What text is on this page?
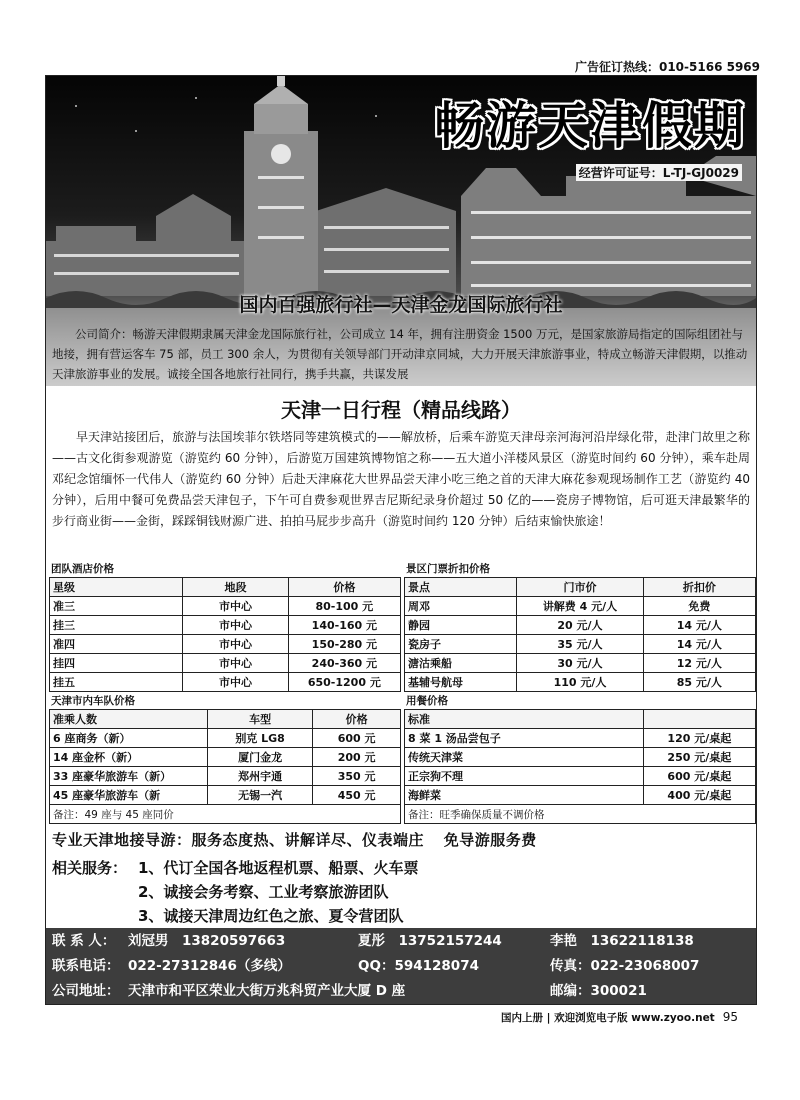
广告征订热线：010-5166 5969
畅游天津假期
经营许可证号：L-TJ-GJ0029
国内百强旅行社—天津金龙国际旅行社

公司简介：畅游天津假期隶属天津金龙国际旅行社，公司成立 14 年，拥有注册资金 1500 万元，是国家旅游局指定的国际组团社与地接，拥有营运客车 75 部，员工 300 余人，为贯彻有关领导部门开动津京同城，大力开展天津旅游事业，特成立畅游天津假期，以推动天津旅游事业的发展。诚接全国各地旅行社同行，携手共赢，共谋发展

天津一日行程（精品线路）

早天津站接团后，旅游与法国埃菲尔铁塔同等建筑模式的——解放桥，后乘车游览天津母亲河海河沿岸绿化带，赴津门故里之称——古文化街参观游览（游览约 60 分钟），后游览万国建筑博物馆之称——五大道小洋楼风景区（游览时间约 60 分钟），乘车赴周邓纪念馆缅怀一代伟人（游览约 60 分钟）后赴天津麻花大世界品尝天津小吃三绝之首的天津大麻花参观现场制作工艺（游览约 40 分钟），后用中餐可免费品尝天津包子，下午可自费参观世界吉尼斯纪录身价超过 50 亿的——瓷房子博物馆，后可逛天津最繁华的步行商业街——金街，踩踩铜钱财源广进、拍拍马屁步步高升（游览时间约 120 分钟）后结束愉快旅途！

团队酒店价格
星级	地段	价格
准三	市中心	80-100 元
挂三	市中心	140-160 元
准四	市中心	150-280 元
挂四	市中心	240-360 元
挂五	市中心	650-1200 元
景区门票折扣价格
景点	门市价	折扣价
周邓	讲解费 4 元/人	免费
静园	20 元/人	14 元/人
瓷房子	35 元/人	14 元/人
溏沽乘船	30 元/人	12 元/人
基辅号航母	110 元/人	85 元/人
天津市内车队价格
准乘人数	车型	价格
6 座商务（新）	别克 LG8	600 元
14 座金杯（新）	厦门金龙	200 元
33 座豪华旅游车（新）	郑州宇通	350 元
45 座豪华旅游车（新	无锡一汽	450 元
备注：49 座与 45 座同价		
用餐价格
标准	
8 菜 1 汤品尝包子	120 元/桌起
传统天津菜	250 元/桌起
正宗狗不理	600 元/桌起
海鲜菜	400 元/桌起
备注：旺季确保质量不调价格	
专业天津地接导游：服务态度热、讲解详尽、仪表端庄 免导游服务费
相关服务： 1、代订全国各地返程机票、船票、火车票
2、诚接会务考察、工业考察旅游团队
3、诚接天津周边红色之旅、夏令营团队
联 系 人： 刘冠男　13820597663	夏彤　13752157244	李艳　13622118138
联系电话： 022-27312846（多线）	QQ：594128074	传真：022-23068007
公司地址： 天津市和平区荣业大街万兆科贸产业大厦 D 座	邮编：300021
国内上册 | 欢迎浏览电子版 www.zyoo.net 95
